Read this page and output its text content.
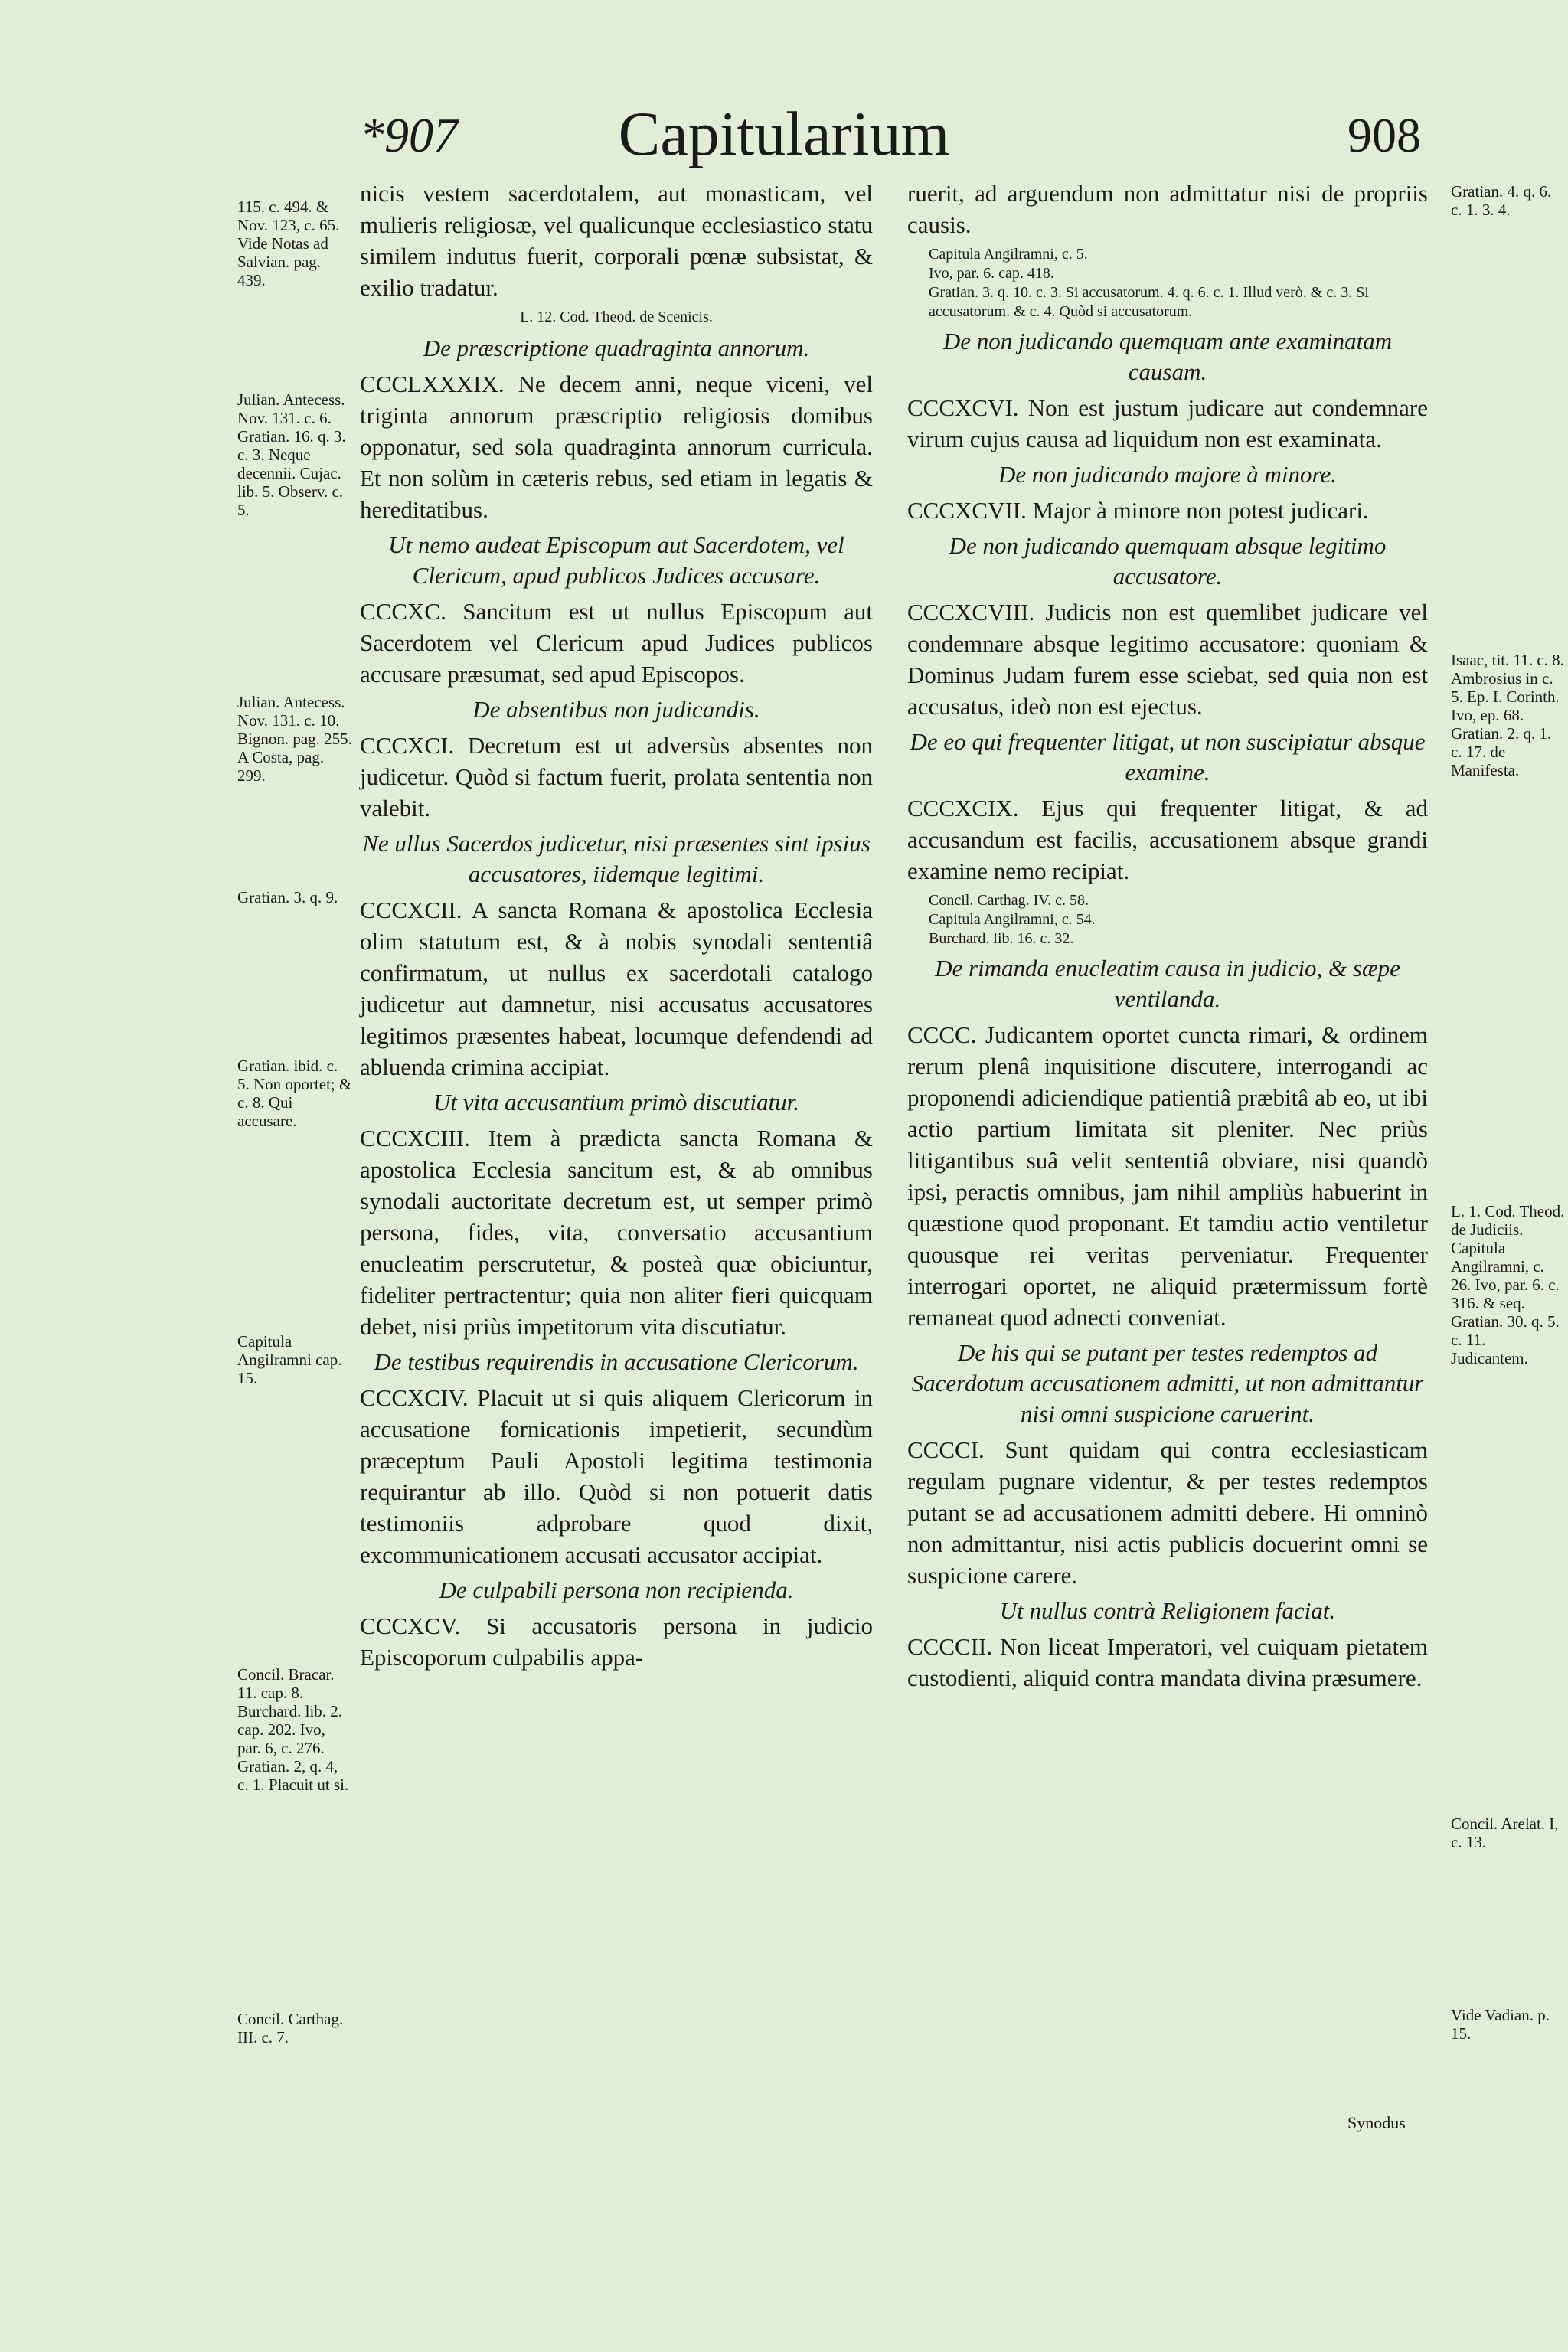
*907	Capitularium	908

nicis vestem sacerdotalem, aut monasticam, vel mulieris religiosæ, vel qualicunque ecclesiastico statu similem indutus fuerit, corporali pœnæ subsistat, & exilio tradatur.

L. 12. Cod. Theod. de Scenicis.

De præscriptione quadraginta annorum.

CCCLXXXIX. Ne decem anni, neque viceni, vel triginta annorum præscriptio religiosis domibus opponatur, sed sola quadraginta annorum curricula. Et non solùm in cæteris rebus, sed etiam in legatis & hereditatibus.

Ut nemo audeat Episcopum aut Sacerdotem, vel Clericum, apud publicos Judices accusare.

CCCXC. Sancitum est ut nullus Episcopum aut Sacerdotem vel Clericum apud Judices publicos accusare præsumat, sed apud Episcopos.

De absentibus non judicandis.

CCCXCI. Decretum est ut adversùs absentes non judicetur. Quòd si factum fuerit, prolata sententia non valebit.

Ne ullus Sacerdos judicetur, nisi præsentes sint ipsius accusatores, iidemque legitimi.

CCCXCII. A sancta Romana & apostolica Ecclesia olim statutum est, & à nobis synodali sententiâ confirmatum, ut nullus ex sacerdotali catalogo judicetur aut damnetur, nisi accusatus accusatores legitimos præsentes habeat, locumque defendendi ad abluenda crimina accipiat.

Ut vita accusantium primò discutiatur.

CCCXCIII. Item à prædicta sancta Romana & apostolica Ecclesia sancitum est, & ab omnibus synodali auctoritate decretum est, ut semper primò persona, fides, vita, conversatio accusantium enucleatim perscrutetur, & posteà quæ obiciuntur, fideliter pertractentur; quia non aliter fieri quicquam debet, nisi priùs impetitorum vita discutiatur.

De testibus requirendis in accusatione Clericorum.

CCCXCIV. Placuit ut si quis aliquem Clericorum in accusatione fornicationis impetierit, secundùm præceptum Pauli Apostoli legitima testimonia requirantur ab illo. Quòd si non potuerit datis testimoniis adprobare quod dixit, excommunicationem accusati accusator accipiat.

De culpabili persona non recipienda.

CCCXCV. Si accusatoris persona in judicio Episcoporum culpabilis appa-

ruerit, ad arguendum non admittatur nisi de propriis causis.

Capitula Angilramni, c. 5.

Ivo, par. 6. cap. 418.

Gratian. 3. q. 10. c. 3. Si accusatorum. 4. q. 6. c. 1. Illud verò. & c. 3. Si accusatorum. & c. 4. Quòd si accusatorum.

De non judicando quemquam ante examinatam causam.

CCCXCVI. Non est justum judicare aut condemnare virum cujus causa ad liquidum non est examinata.

De non judicando majore à minore.

CCCXCVII. Major à minore non potest judicari.

De non judicando quemquam absque legitimo accusatore.

CCCXCVIII. Judicis non est quemlibet judicare vel condemnare absque legitimo accusatore: quoniam & Dominus Judam furem esse sciebat, sed quia non est accusatus, ideò non est ejectus.

De eo qui frequenter litigat, ut non suscipiatur absque examine.

CCCXCIX. Ejus qui frequenter litigat, & ad accusandum est facilis, accusationem absque grandi examine nemo recipiat.

Concil. Carthag. IV. c. 58.

Capitula Angilramni, c. 54.

Burchard. lib. 16. c. 32.

De rimanda enucleatim causa in judicio, & sæpe ventilanda.

CCCC. Judicantem oportet cuncta rimari, & ordinem rerum plenâ inquisitione discutere, interrogandi ac proponendi adiciendique patientiâ præbitâ ab eo, ut ibi actio partium limitata sit pleniter. Nec priùs litigantibus suâ velit sententiâ obviare, nisi quandò ipsi, peractis omnibus, jam nihil ampliùs habuerint in quæstione quod proponant. Et tamdiu actio ventiletur quousque rei veritas perveniatur. Frequenter interrogari oportet, ne aliquid prætermissum fortè remaneat quod adnecti conveniat.

De his qui se putant per testes redemptos ad Sacerdotum accusationem admitti, ut non admittantur nisi omni suspicione caruerint.

CCCCI. Sunt quidam qui contra ecclesiasticam regulam pugnare videntur, & per testes redemptos putant se ad accusationem admitti debere. Hi omninò non admittantur, nisi actis publicis docuerint omni se suspicione carere.

Ut nullus contrà Religionem faciat.

CCCCII. Non liceat Imperatori, vel cuiquam pietatem custodienti, aliquid contra mandata divina præsumere.

115. c. 494. & Nov. 123, c. 65. Vide Notas ad Salvian. pag. 439.
Julian. Antecess. Nov. 131. c. 6. Gratian. 16. q. 3. c. 3. Neque decennii. Cujac. lib. 5. Observ. c. 5.
Julian. Antecess. Nov. 131. c. 10. Bignon. pag. 255. A Costa, pag. 299.
Gratian. 3. q. 9.
Gratian. ibid. c. 5. Non oportet; & c. 8. Qui accusare.
Capitula Angilramni cap. 15.
Concil. Bracar. 11. cap. 8. Burchard. lib. 2. cap. 202. Ivo, par. 6, c. 276. Gratian. 2, q. 4, c. 1. Placuit ut si.
Concil. Carthag. III. c. 7.
Gratian. 4. q. 6. c. 1. 3. 4.
Isaac, tit. 11. c. 8. Ambrosius in c. 5. Ep. I. Corinth. Ivo, ep. 68. Gratian. 2. q. 1. c. 17. de Manifesta.
L. 1. Cod. Theod. de Judiciis. Capitula Angilramni, c. 26. Ivo, par. 6. c. 316. & seq. Gratian. 30. q. 5. c. 11. Judicantem.
Concil. Arelat. I, c. 13.
Vide Vadian. p. 15.
Synodus
